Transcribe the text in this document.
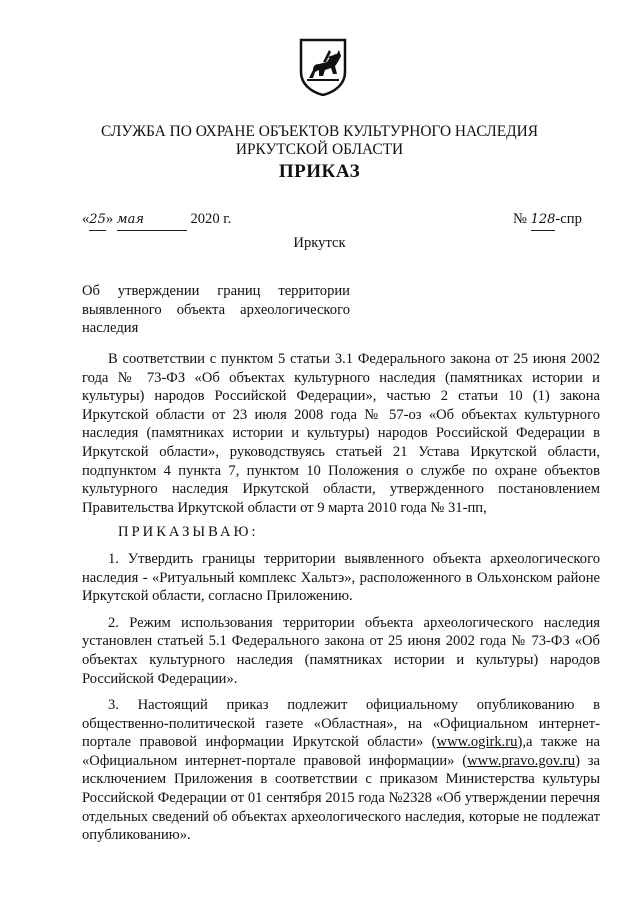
СЛУЖБА ПО ОХРАНЕ ОБЪЕКТОВ КУЛЬТУРНОГО НАСЛЕДИЯ
ИРКУТСКОЙ ОБЛАСТИ
ПРИКАЗ
«25» мая	2020 г.	№ 128-спр
Иркутск
Об утверждении границ территории выявленного объекта археологического наследия

В соответствии с пунктом 5 статьи 3.1 Федерального закона от 25 июня 2002 года № 73-ФЗ «Об объектах культурного наследия (памятниках истории и культуры) народов Российской Федерации», частью 2 статьи 10 (1) закона Иркутской области от 23 июля 2008 года № 57-оз «Об объектах культурного наследия (памятниках истории и культуры) народов Российской Федерации в Иркутской области», руководствуясь статьей 21 Устава Иркутской области, подпунктом 4 пункта 7, пунктом 10 Положения о службе по охране объектов культурного наследия Иркутской области, утвержденного постановлением Правительства Иркутской области от 9 марта 2010 года № 31-пп,

ПРИКАЗЫВАЮ:

1. Утвердить границы территории выявленного объекта археологического наследия - «Ритуальный комплекс Хальтэ», расположенного в Ольхонском районе Иркутской области, согласно Приложению.

2. Режим использования территории объекта археологического наследия установлен статьей 5.1 Федерального закона от 25 июня 2002 года № 73-ФЗ «Об объектах культурного наследия (памятниках истории и культуры) народов Российской Федерации».

3. Настоящий приказ подлежит официальному опубликованию в общественно-политической газете «Областная», на «Официальном интернет-портале правовой информации Иркутской области» (www.ogirk.ru),а также на «Официальном интернет-портале правовой информации» (www.pravo.gov.ru) за исключением Приложения в соответствии с приказом Министерства культуры Российской Федерации от 01 сентября 2015 года №2328 «Об утверждении перечня отдельных сведений об объектах археологического наследия, которые не подлежат опубликованию».
